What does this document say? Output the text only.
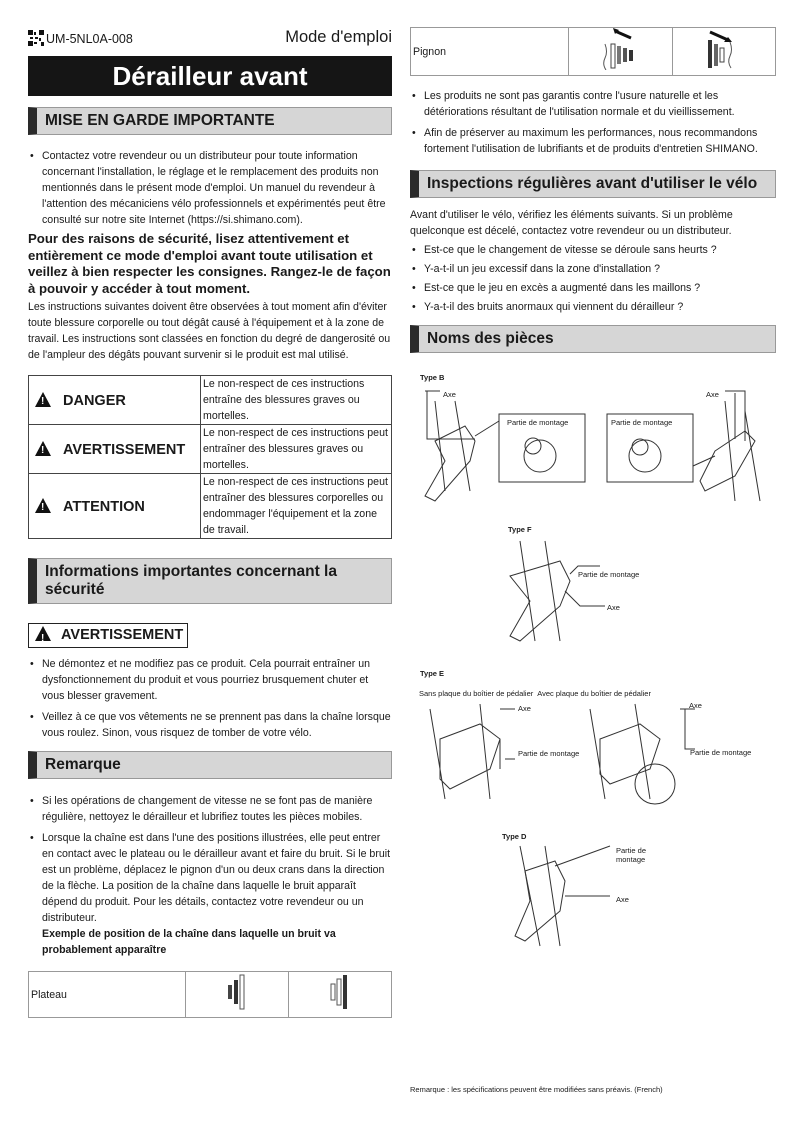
UM-5NL0A-008	Mode d'emploi
Dérailleur avant
MISE EN GARDE IMPORTANTE
• Contactez votre revendeur ou un distributeur pour toute information concernant l'installation, le réglage et le remplacement des produits non mentionnés dans le présent mode d'emploi. Un manuel du revendeur à l'attention des mécaniciens vélo professionnels et expérimentés peut être consulté sur notre site Internet (https://si.shimano.com).
Pour des raisons de sécurité, lisez attentivement et entièrement ce mode d'emploi avant toute utilisation et veillez à bien respecter les consignes. Rangez-le de façon à pouvoir y accéder à tout moment.
Les instructions suivantes doivent être observées à tout moment afin d'éviter toute blessure corporelle ou tout dégât causé à l'équipement et à la zone de travail. Les instructions sont classées en fonction du degré de dangerosité ou de l'ampleur des dégâts pouvant survenir si le produit est mal utilisé.
!DANGER	Le non-respect de ces instructions entraîne des blessures graves ou mortelles.
!AVERTISSEMENT	Le non-respect de ces instructions peut entraîner des blessures graves ou mortelles.
!ATTENTION	Le non-respect de ces instructions peut entraîner des blessures corporelles ou endommager l'équipement et la zone de travail.
Informations importantes concernant la sécurité
!AVERTISSEMENT
• Ne démontez et ne modifiez pas ce produit. Cela pourrait entraîner un dysfonctionnement du produit et vous pourriez brusquement chuter et vous blesser gravement.
• Veillez à ce que vos vêtements ne se prennent pas dans la chaîne lorsque vous roulez. Sinon, vous risquez de tomber de votre vélo.
Remarque
• Si les opérations de changement de vitesse ne se font pas de manière régulière, nettoyez le dérailleur et lubrifiez toutes les pièces mobiles.
• Lorsque la chaîne est dans l'une des positions illustrées, elle peut entrer en contact avec le plateau ou le dérailleur avant et faire du bruit. Si le bruit est un problème, déplacez le pignon d'un ou deux crans dans la direction de la flèche. La position de la chaîne dans laquelle le bruit apparaît dépend du produit. Pour les détails, contactez votre revendeur ou un distributeur.
Exemple de position de la chaîne dans laquelle un bruit va probablement apparaître
Plateau		
Pignon		
• Les produits ne sont pas garantis contre l'usure naturelle et les détériorations résultant de l'utilisation normale et du vieillissement.
• Afin de préserver au maximum les performances, nous recommandons fortement l'utilisation de lubrifiants et de produits d'entretien SHIMANO.
Inspections régulières avant d'utiliser le vélo
Avant d'utiliser le vélo, vérifiez les éléments suivants. Si un problème quelconque est décelé, contactez votre revendeur ou un distributeur.
• Est-ce que le changement de vitesse se déroule sans heurts ?
• Y-a-t-il un jeu excessif dans la zone d'installation ?
• Est-ce que le jeu en excès a augmenté dans les maillons ?
• Y-a-t-il des bruits anormaux qui viennent du dérailleur ?
Noms des pièces
Type B
Axe	Axe
Partie de montage	Partie de montage
Type F
Partie de montage
Axe
Type E
Sans plaque du boîtier de pédalier Avec plaque du boîtier de pédalier
Axe
Partie de montage
Axe
Partie de montage
Type D
Partie de
montage
Axe
Remarque : les spécifications peuvent être modifiées sans préavis. (French)
